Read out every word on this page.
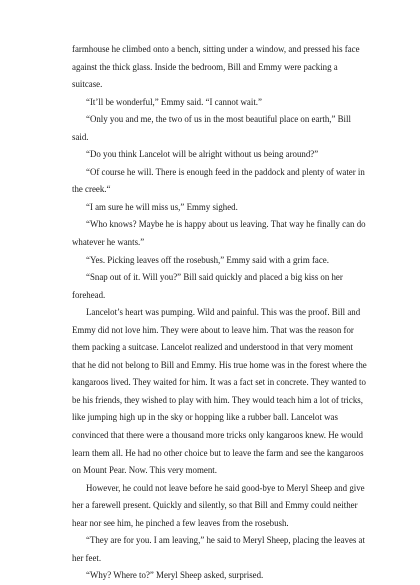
farmhouse he climbed onto a bench, sitting under a window, and pressed his face against the thick glass. Inside the bedroom, Bill and Emmy were packing a suitcase.

“It’ll be wonderful,” Emmy said. “I cannot wait.”

“Only you and me, the two of us in the most beautiful place on earth,” Bill said.

“Do you think Lancelot will be alright without us being around?”

“Of course he will. There is enough feed in the paddock and plenty of water in the creek.“

“I am sure he will miss us,” Emmy sighed.

“Who knows? Maybe he is happy about us leaving. That way he finally can do whatever he wants.”

“Yes. Picking leaves off the rosebush,” Emmy said with a grim face.

“Snap out of it. Will you?” Bill said quickly and placed a big kiss on her forehead.

Lancelot’s heart was pumping. Wild and painful. This was the proof. Bill and Emmy did not love him. They were about to leave him. That was the reason for them packing a suitcase. Lancelot realized and understood in that very moment that he did not belong to Bill and Emmy. His true home was in the forest where the kangaroos lived. They waited for him. It was a fact set in concrete. They wanted to be his friends, they wished to play with him. They would teach him a lot of tricks, like jumping high up in the sky or hopping like a rubber ball. Lancelot was convinced that there were a thousand more tricks only kangaroos knew. He would learn them all. He had no other choice but to leave the farm and see the kangaroos on Mount Pear. Now. This very moment.

However, he could not leave before he said good-bye to Meryl Sheep and give her a farewell present. Quickly and silently, so that Bill and Emmy could neither hear nor see him, he pinched a few leaves from the rosebush.

“They are for you. I am leaving,” he said to Meryl Sheep, placing the leaves at her feet.

“Why? Where to?” Meryl Sheep asked, surprised.
